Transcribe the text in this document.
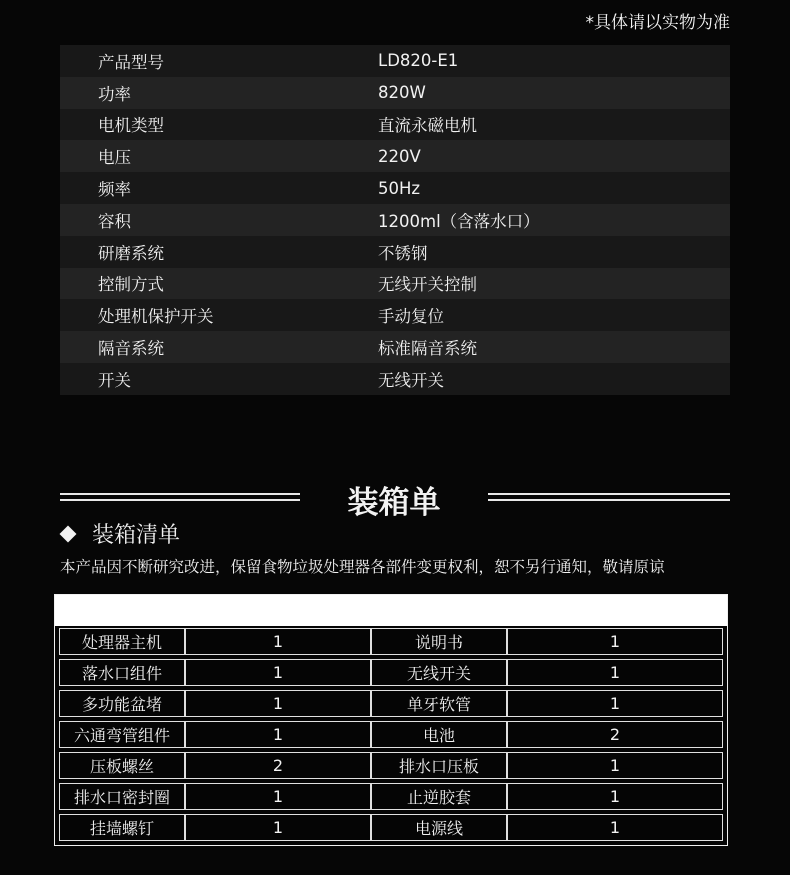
*具体请以实物为准
产品型号	LD820-E1
功率	820W
电机类型	直流永磁电机
电压	220V
频率	50Hz
容积	1200ml（含落水口）
研磨系统	不锈钢
控制方式	无线开关控制
处理机保护开关	手动复位
隔音系统	标准隔音系统
开关	无线开关
装箱单
装箱清单
本产品因不断研究改进，保留食物垃圾处理器各部件变更权利，恕不另行通知，敬请原谅
处理器主机	1	说明书	1
落水口组件	1	无线开关	1
多功能盆堵	1	单牙软管	1
六通弯管组件	1	电池	2
压板螺丝	2	排水口压板	1
排水口密封圈	1	止逆胶套	1
挂墙螺钉	1	电源线	1
